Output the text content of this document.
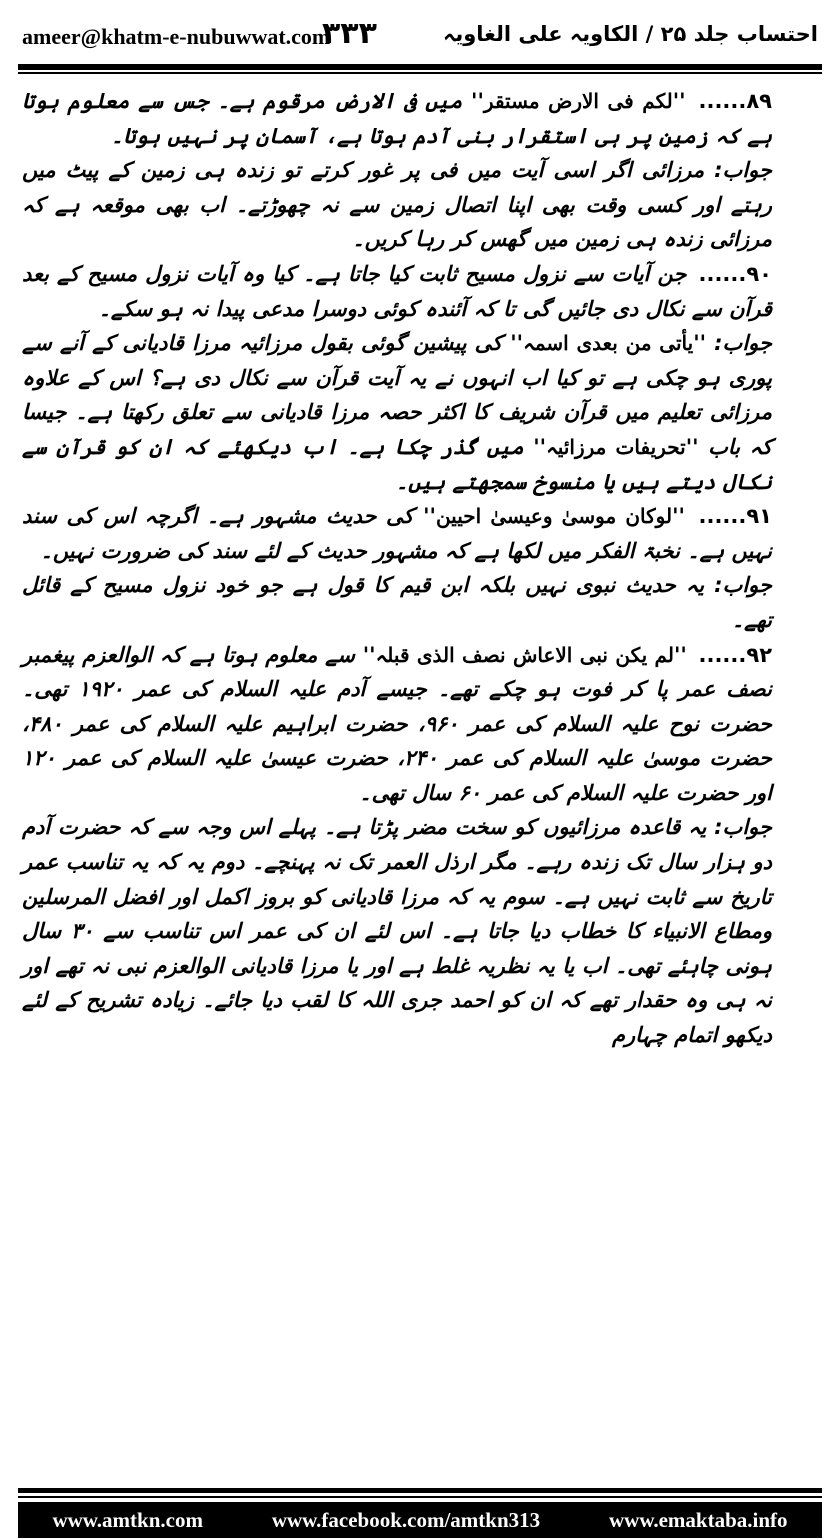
ameer@khatm-e-nubuwwat.com
۳۳۳	احتساب جلد ۲۵ / الکاویہ علی الغاویہ

۸۹...... ''لکم فی الارض مستقر'' میں فی الارض مرقوم ہے۔ جس سے معلوم ہوتا ہے کہ زمین پر ہی استقرار بنی آدم ہوتا ہے، آسمان پر نہیں ہوتا۔

جواب: مرزائی اگر اسی آیت میں فی پر غور کرتے تو زندہ ہی زمین کے پیٹ میں رہتے اور کسی وقت بھی اپنا اتصال زمین سے نہ چھوڑتے۔ اب بھی موقعہ ہے کہ مرزائی زندہ ہی زمین میں گھس کر رہا کریں۔

۹۰...... جن آیات سے نزول مسیح ثابت کیا جاتا ہے۔ کیا وہ آیات نزول مسیح کے بعد قرآن سے نکال دی جائیں گی تا کہ آئندہ کوئی دوسرا مدعی پیدا نہ ہو سکے۔

جواب: ''یأتی من بعدی اسمہ'' کی پیشین گوئی بقول مرزائیہ مرزا قادیانی کے آنے سے پوری ہو چکی ہے تو کیا اب انہوں نے یہ آیت قرآن سے نکال دی ہے؟ اس کے علاوہ مرزائی تعلیم میں قرآن شریف کا اکثر حصہ مرزا قادیانی سے تعلق رکھتا ہے۔ جیسا کہ باب ''تحریفات مرزائیہ'' میں گذر چکا ہے۔ اب دیکھئے کہ ان کو قرآن سے نکال دیتے ہیں یا منسوخ سمجھتے ہیں۔

۹۱...... ''لوکان موسیٰ وعیسیٰ احیین'' کی حدیث مشہور ہے۔ اگرچہ اس کی سند نہیں ہے۔ نخبۃ الفکر میں لکھا ہے کہ مشہور حدیث کے لئے سند کی ضرورت نہیں۔

جواب: یہ حدیث نبوی نہیں بلکہ ابن قیم کا قول ہے جو خود نزول مسیح کے قائل تھے۔

۹۲...... ''لم یکن نبی الاعاش نصف الذی قبلہ'' سے معلوم ہوتا ہے کہ الوالعزم پیغمبر نصف عمر پا کر فوت ہو چکے تھے۔ جیسے آدم علیہ السلام کی عمر ۱۹۲۰ تھی۔ حضرت نوح علیہ السلام کی عمر ۹۶۰، حضرت ابراہیم علیہ السلام کی عمر ۴۸۰، حضرت موسیٰ علیہ السلام کی عمر ۲۴۰، حضرت عیسیٰ علیہ السلام کی عمر ۱۲۰ اور حضرت علیہ السلام کی عمر ۶۰ سال تھی۔

جواب: یہ قاعدہ مرزائیوں کو سخت مضر پڑتا ہے۔ پہلے اس وجہ سے کہ حضرت آدم دو ہزار سال تک زندہ رہے۔ مگر ارذل العمر تک نہ پہنچے۔ دوم یہ کہ یہ تناسب عمر تاریخ سے ثابت نہیں ہے۔ سوم یہ کہ مرزا قادیانی کو بروز اکمل اور افضل المرسلین ومطاع الانبیاء کا خطاب دیا جاتا ہے۔ اس لئے ان کی عمر اس تناسب سے ۳۰ سال ہونی چاہئے تھی۔ اب یا یہ نظریہ غلط ہے اور یا مرزا قادیانی الوالعزم نبی نہ تھے اور نہ ہی وہ حقدار تھے کہ ان کو احمد جری اللہ کا لقب دیا جائے۔ زیادہ تشریح کے لئے دیکھو اتمام چہارم

www.amtkn.com	www.facebook.com/amtkn313	www.emaktaba.info
